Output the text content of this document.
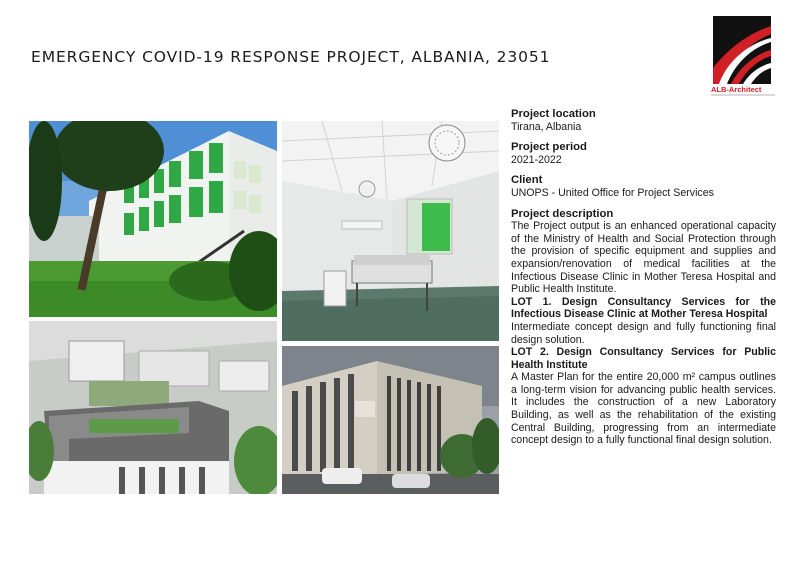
EMERGENCY COVID-19 RESPONSE PROJECT, ALBANIA, 23051
ALB-Architect
Project location
Tirana, Albania
Project period
2021-2022
Client
UNOPS - United Office for Project Services
Project description
The Project output is an enhanced operational capacity of the Ministry of Health and Social Protection through the provision of specific equipment and supplies and expansion/renovation of medical facilities at the Infectious Disease Clinic in Mother Teresa Hospital and Public Health Institute.
LOT 1. Design Consultancy Services for the Infectious Disease Clinic at Mother Teresa Hospital
Intermediate concept design and fully functioning final design solution.
LOT 2. Design Consultancy Services for Public Health Institute
A Master Plan for the entire 20,000 m² campus outlines a long-term vision for advancing public health services. It includes the construction of a new Laboratory Building, as well as the rehabilitation of the existing Central Building, progressing from an intermediate concept design to a fully functional final design solution.
